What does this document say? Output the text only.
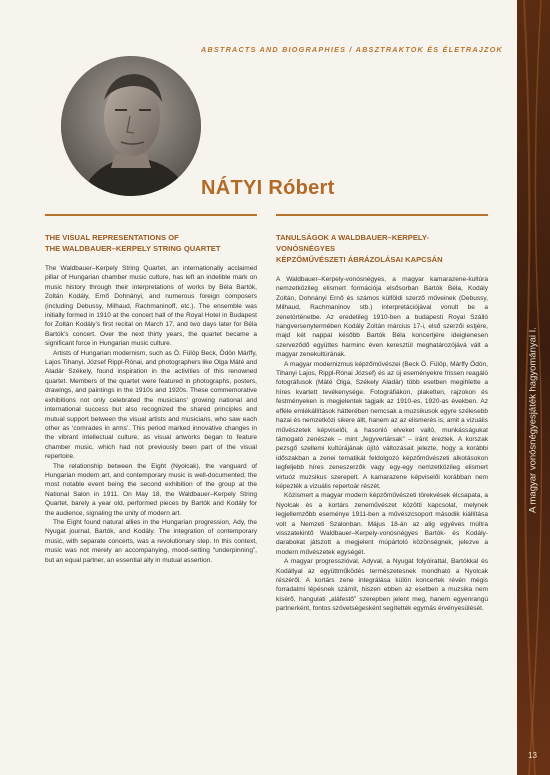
ABSTRACTS AND BIOGRAPHIES / ABSZTRAKTOK ÉS ÉLETRAJZOK
NÁTYI Róbert
THE VISUAL REPRESENTATIONS OF
THE WALDBAUER–KERPELY STRING QUARTET

The Waldbauer–Kerpely String Quartet, an internationally acclaimed pillar of Hungarian chamber music culture, has left an indelible mark on music history through their interpretations of works by Béla Bartók, Zoltán Kodály, Ernő Dohnányi, and numerous foreign composers (including Debussy, Milhaud, Rachmaninoff, etc.). The ensemble was initially formed in 1910 at the concert hall of the Royal Hotel in Budapest for Zoltán Kodály’s first recital on March 17, and two days later for Béla Bartók’s concert. Over the next thirty years, the quartet became a significant force in Hungarian music culture.

Artists of Hungarian modernism, such as Ö. Fülöp Beck, Ödön Márffy, Lajos Tihanyi, József Rippl-Rónai, and photographers like Olga Máté and Aladár Székely, found inspiration in the activities of this renowned quartet. Members of the quartet were featured in photographs, posters, drawings, and paintings in the 1910s and 1920s. These commemorative exhibitions not only celebrated the musicians’ growing national and international success but also recognized the shared principles and mutual support between the visual artists and musicians, who saw each other as ‘comrades in arms’. This period marked innovative changes in the vibrant intellectual culture, as visual artworks began to feature chamber music, which had not previously been part of the visual repertoire.

The relationship between the Eight (Nyolcak), the vanguard of Hungarian modern art, and contemporary music is well-documented; the most notable event being the second exhibition of the group at the National Salon in 1911. On May 18, the Waldbauer–Kerpely String Quartet, barely a year old, performed pieces by Bartók and Kodály for the audience, signaling the unity of modern art.

The Eight found natural allies in the Hungarian progression, Ady, the Nyugat journal, Bartók, and Kodály. The integration of contemporary music, with separate concerts, was a revolutionary step. In this context, music was not merely an accompanying, mood-setting “underpinning”, but an equal partner, an essential ally in mutual assertion.

TANULSÁGOK A WALDBAUER–KERPELY-VONÓSNÉGYES
KÉPZŐMŰVÉSZETI ÁBRÁZOLÁSAI KAPCSÁN

A Waldbauer–Kerpely-vonósnégyes, a magyar kamarazene-kultúra nemzetközileg elismert formációja elsősorban Bartók Béla, Kodály Zoltán, Dohnányi Ernő és számos külföldi szerző műveinek (Debussy, Milhaud, Rachmaninov stb.) interpretációjával vonult be a zenetörténetbe. Az eredetileg 1910-ben a budapesti Royal Szálló hangversenytermében Kodály Zoltán március 17-i, első szerzői estjére, majd két nappal később Bartók Béla koncertjére ideiglenesen szerveződő együttes harminc éven keresztül meghatározójává vált a magyar zenekultúrának.

A magyar modernizmus képzőművészei (Beck Ö. Fülöp, Márffy Ödön, Tihanyi Lajos, Rippl-Rónai József) és az új eseményekre frissen reagáló fotográfusok (Máté Olga, Székely Aladár) több esetben megihlette a híres kvartett tevékenysége. Fotográfiákon, plaketten, rajzokon és festményeken is megjelentek tagjaik az 1910-es, 1920-as években. Az efféle emlékállítások hátterében nemcsak a muzsikusok egyre szélesebb hazai és nemzetközi sikere állt, hanem az az elismerés is, amit a vizuális művészetek képviselői, a hasonló elveket valló, munkásságukat támogató zenészek – mint „fegyvertársak” – iránt éreztek. A korszak pezsgő szellemi kultúrájának újító változásait jelezte, hogy a korábbi időszakban a zenei tematikát feldolgozó képzőművészeti alkotásokon legfeljebb híres zeneszerzők vagy egy-egy nemzetközileg elismert virtuóz muzsikus szerepelt. A kamarazene képviselői korábban nem képezték a vizuális repertoár részét.

Közismert a magyar modern képzőművészeti törekvések élcsapata, a Nyolcak és a kortárs zeneművészet közötti kapcsolat, melynek legjellemzőbb eseménye 1911-ben a művészcsoport második kiállítása volt a Nemzeti Szalonban. Május 18-án az alig egyéves múltra visszatekintő Waldbauer–Kerpely-vonósnégyes Bartók- és Kodály-darabokat játszott a megjelent múpártoló közönségnek, jelezve a modern művészetek egységét.

A magyar progresszióval, Adyval, a Nyugat folyóirattal, Bartókkal és Kodállyal az együttműködés természetesnek mondható a Nyolcak részéről. A kortárs zene integrálása külön koncertek révén mégis forradalmi lépésnek számít, hiszen ebben az esetben a muzsika nem kísérő, hangulati „aláfestő” szerepben jelent meg, hanem egyenrangú partnerként, fontos szövetségesként segítették egymás érvényesülését.

A magyar vonósnégyesjáték hagyományai I.
13
